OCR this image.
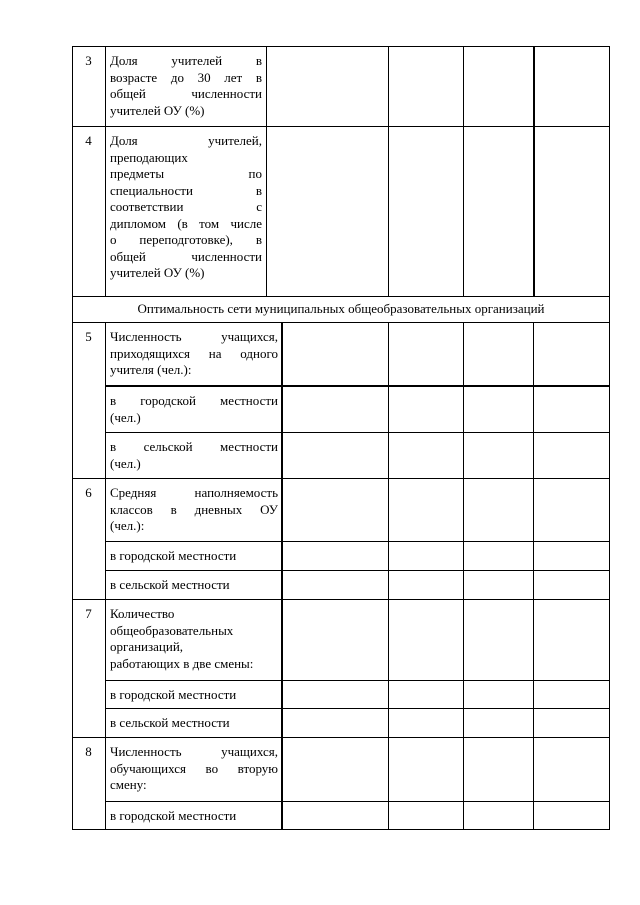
Оптимальность сети муниципальных общеобразовательных организаций
3
4
5
6
7
8
Доля учителей в
возрасте до 30 лет в
общей численности
учителей ОУ (%)
Доля учителей,
преподающих
предметы по
специальности в
соответствии с
дипломом (в том числе
о переподготовке), в
общей численности
учителей ОУ (%)
Численность учащихся,
приходящихся на одного
учителя (чел.):
в городской местности
(чел.)
в сельской местности
(чел.)
Средняя наполняемость
классов в дневных ОУ
(чел.):
в городской местности
в сельской местности
Количество
общеобразовательных
организаций,
работающих в две смены:
в городской местности
в сельской местности
Численность учащихся,
обучающихся во вторую
смену:
в городской местности
